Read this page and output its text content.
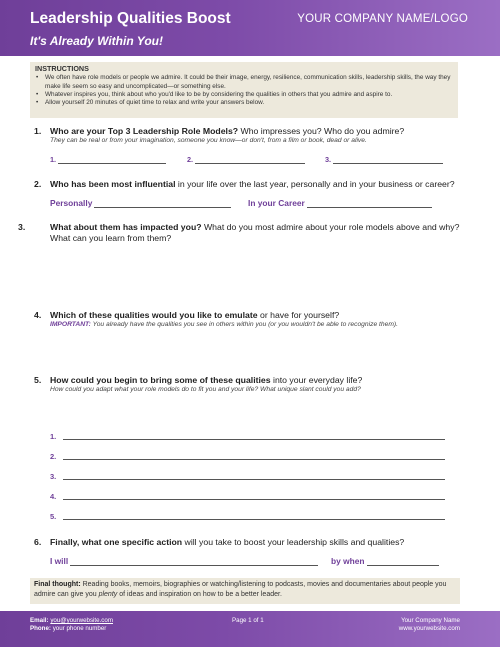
Leadership Qualities Boost
It's Already Within You!
YOUR COMPANY NAME/LOGO
INSTRUCTIONS
• We often have role models or people we admire. It could be their image, energy, resilience, communication skills, leadership skills, the way they make life seem so easy and uncomplicated—or something else.
• Whatever inspires you, think about who you'd like to be by considering the qualities in others that you admire and aspire to.
• Allow yourself 20 minutes of quiet time to relax and write your answers below.
1. Who are your Top 3 Leadership Role Models? Who impresses you? Who do you admire?
They can be real or from your imagination, someone you know—or don't, from a film or book, dead or alive.
1.	2.	3.
2. Who has been most influential in your life over the last year, personally and in your business or career?
Personally	In your Career
3.	What about them has impacted you? What do you most admire about your role models above and why? What can you learn from them?
4. Which of these qualities would you like to emulate or have for yourself?
IMPORTANT: You already have the qualities you see in others within you (or you wouldn't be able to recognize them).
5. How could you begin to bring some of these qualities into your everyday life?
How could you adapt what your role models do to fit you and your life? What unique slant could you add?
1.
2.
3.
4.
5.
6. Finally, what one specific action will you take to boost your leadership skills and qualities?
I will	by when
Final thought: Reading books, memoirs, biographies or watching/listening to podcasts, movies and documentaries about people you admire can give you plenty of ideas and inspiration on how to be a better leader.
Email: you@yourwebsite.com
Phone: your phone number
Page 1 of 1	Your Company Name
www.yourwebsite.com
